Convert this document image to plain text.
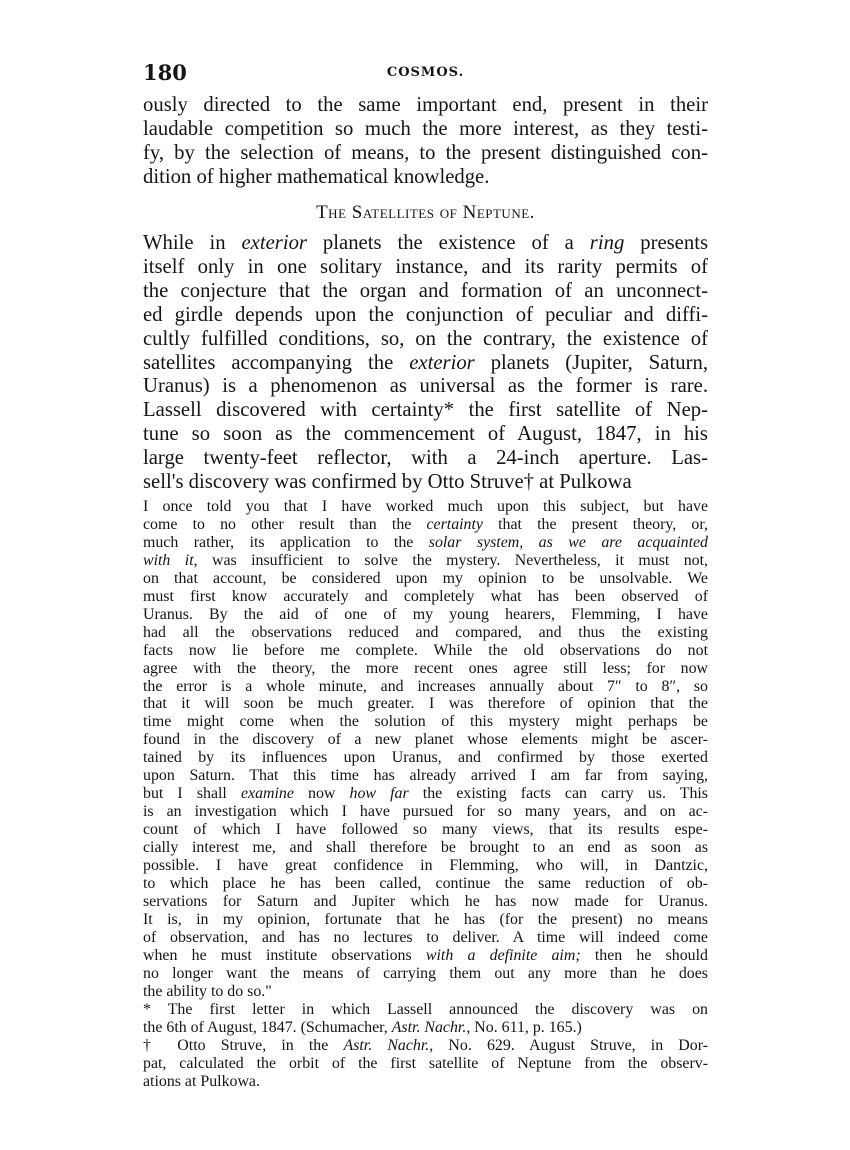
180	COSMOS.
ously directed to the same important end, present in their
laudable competition so much the more interest, as they testi-
fy, by the selection of means, to the present distinguished con-
dition of higher mathematical knowledge.
The Satellites of Neptune.
While in exterior planets the existence of a ring presents
itself only in one solitary instance, and its rarity permits of
the conjecture that the organ and formation of an unconnect-
ed girdle depends upon the conjunction of peculiar and diffi-
cultly fulfilled conditions, so, on the contrary, the existence of
satellites accompanying the exterior planets (Jupiter, Saturn,
Uranus) is a phenomenon as universal as the former is rare.
Lassell discovered with certainty* the first satellite of Nep-
tune so soon as the commencement of August, 1847, in his
large twenty-feet reflector, with a 24-inch aperture. Las-
sell's discovery was confirmed by Otto Struve† at Pulkowa
I once told you that I have worked much upon this subject, but have
come to no other result than the certainty that the present theory, or,
much rather, its application to the solar system, as we are acquainted
with it, was insufficient to solve the mystery. Nevertheless, it must not,
on that account, be considered upon my opinion to be unsolvable. We
must first know accurately and completely what has been observed of
Uranus. By the aid of one of my young hearers, Flemming, I have
had all the observations reduced and compared, and thus the existing
facts now lie before me complete. While the old observations do not
agree with the theory, the more recent ones agree still less; for now
the error is a whole minute, and increases annually about 7″ to 8″, so
that it will soon be much greater. I was therefore of opinion that the
time might come when the solution of this mystery might perhaps be
found in the discovery of a new planet whose elements might be ascer-
tained by its influences upon Uranus, and confirmed by those exerted
upon Saturn. That this time has already arrived I am far from saying,
but I shall examine now how far the existing facts can carry us. This
is an investigation which I have pursued for so many years, and on ac-
count of which I have followed so many views, that its results espe-
cially interest me, and shall therefore be brought to an end as soon as
possible. I have great confidence in Flemming, who will, in Dantzic,
to which place he has been called, continue the same reduction of ob-
servations for Saturn and Jupiter which he has now made for Uranus.
It is, in my opinion, fortunate that he has (for the present) no means
of observation, and has no lectures to deliver. A time will indeed come
when he must institute observations with a definite aim; then he should
no longer want the means of carrying them out any more than he does
the ability to do so."
* The first letter in which Lassell announced the discovery was on
the 6th of August, 1847. (Schumacher, Astr. Nachr., No. 611, p. 165.)
† Otto Struve, in the Astr. Nachr., No. 629. August Struve, in Dor-
pat, calculated the orbit of the first satellite of Neptune from the observ-
ations at Pulkowa.
